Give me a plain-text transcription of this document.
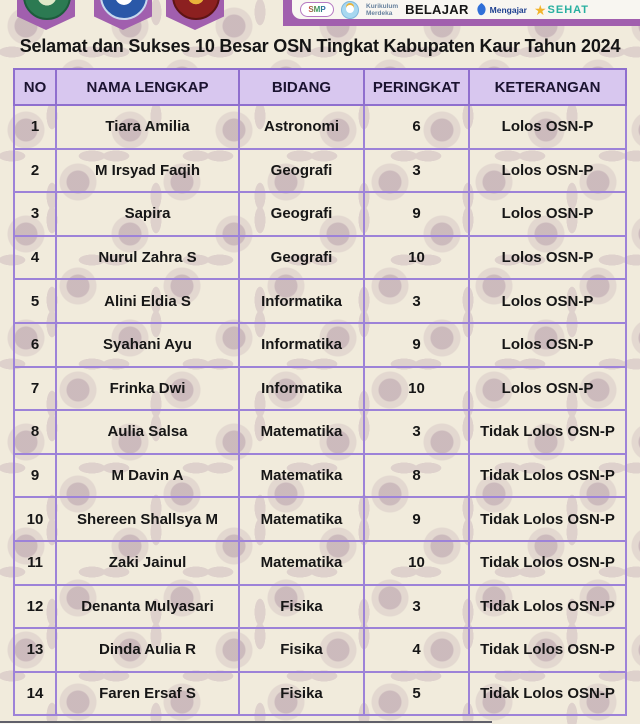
SMP	Kurikulum
Merdeka BELAJAR Mengajar ★ SEHAT
Selamat dan Sukses 10 Besar OSN Tingkat Kabupaten Kaur Tahun 2024
NO	NAMA LENGKAP	BIDANG	PERINGKAT	KETERANGAN
1	Tiara Amilia	Astronomi	6	Lolos OSN-P
2	M Irsyad Faqih	Geografi	3	Lolos OSN-P
3	Sapira	Geografi	9	Lolos OSN-P
4	Nurul Zahra S	Geografi	10	Lolos OSN-P
5	Alini Eldia S	Informatika	3	Lolos OSN-P
6	Syahani Ayu	Informatika	9	Lolos OSN-P
7	Frinka Dwi	Informatika	10	Lolos OSN-P
8	Aulia Salsa	Matematika	3	Tidak Lolos OSN-P
9	M Davin A	Matematika	8	Tidak Lolos OSN-P
10	Shereen Shallsya M	Matematika	9	Tidak Lolos OSN-P
11	Zaki Jainul	Matematika	10	Tidak Lolos OSN-P
12	Denanta Mulyasari	Fisika	3	Tidak Lolos OSN-P
13	Dinda Aulia R	Fisika	4	Tidak Lolos OSN-P
14	Faren Ersaf S	Fisika	5	Tidak Lolos OSN-P
